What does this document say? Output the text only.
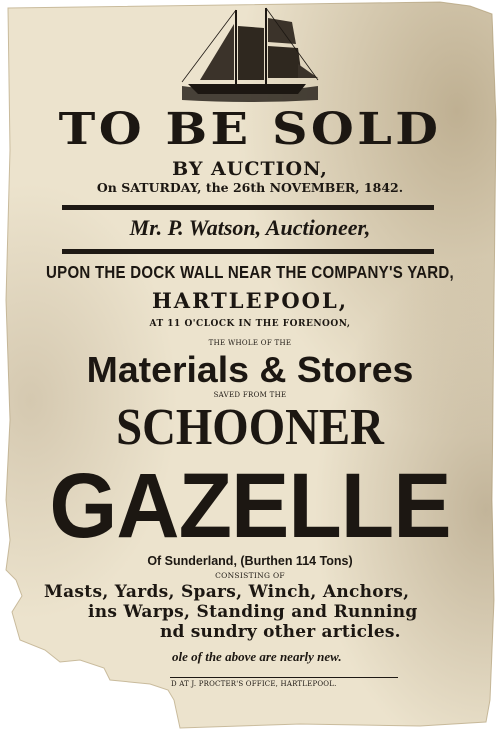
TO BE SOLD
BY AUCTION,
On SATURDAY, the 26th NOVEMBER, 1842.
Mr. P. Watson, Auctioneer,
UPON THE DOCK WALL NEAR THE COMPANY'S YARD,
HARTLEPOOL,
AT 11 O'CLOCK IN THE FORENOON,
THE WHOLE OF THE
Materials & Stores
SAVED FROM THE
SCHOONER
GAZELLE
Of Sunderland, (Burthen 114 Tons)
CONSISTING OF
Masts, Yards, Spars, Winch, Anchors,
ins Warps, Standing and Running
nd sundry other articles.
ole of the above are nearly new.
D AT J. PROCTER'S OFFICE, HARTLEPOOL.
